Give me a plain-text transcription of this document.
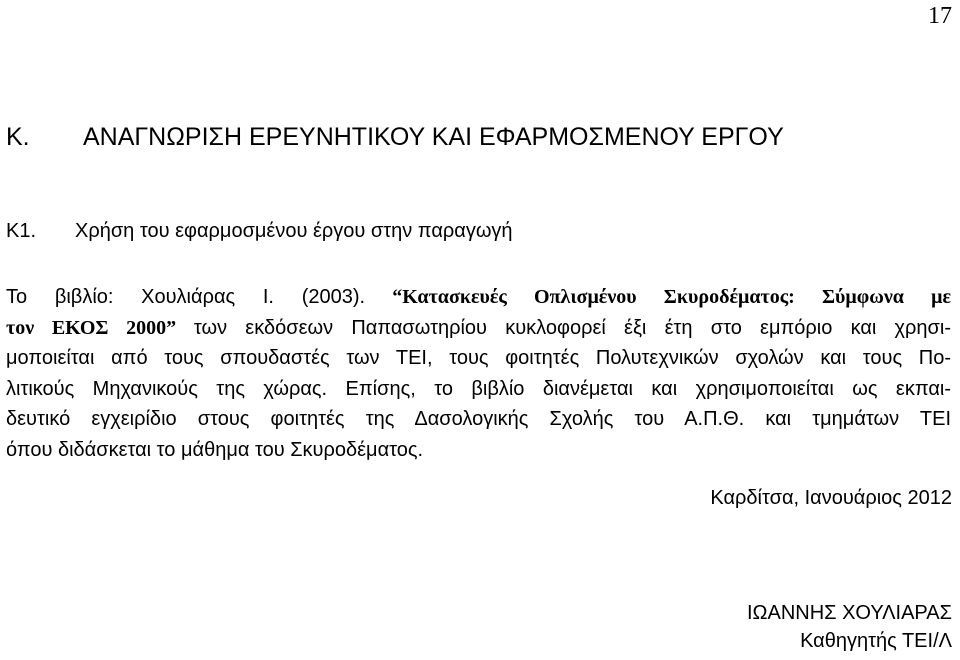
17
Κ. ΑΝΑΓΝΩΡΙΣΗ ΕΡΕΥΝΗΤΙΚΟΥ ΚΑΙ ΕΦΑΡΜΟΣΜΕΝΟΥ ΕΡΓΟΥ
Κ1. Χρήση του εφαρμοσμένου έργου στην παραγωγή
Το βιβλίο: Χουλιάρας Ι. (2003). “Κατασκευές Οπλισμένου Σκυροδέματος: Σύμφωνα με
τον ΕΚΟΣ 2000” των εκδόσεων Παπασωτηρίου κυκλοφορεί έξι έτη στο εμπόριο και χρησι-
μοποιείται από τους σπουδαστές των ΤΕΙ, τους φοιτητές Πολυτεχνικών σχολών και τους Πο-
λιτικούς Μηχανικούς της χώρας. Επίσης, το βιβλίο διανέμεται και χρησιμοποιείται ως εκπαι-
δευτικό εγχειρίδιο στους φοιτητές της Δασολογικής Σχολής του Α.Π.Θ. και τμημάτων ΤΕΙ
όπου διδάσκεται το μάθημα του Σκυροδέματος.
Καρδίτσα, Ιανουάριος 2012
ΙΩΑΝΝΗΣ ΧΟΥΛΙΑΡΑΣ
Καθηγητής ΤΕΙ/Λ
